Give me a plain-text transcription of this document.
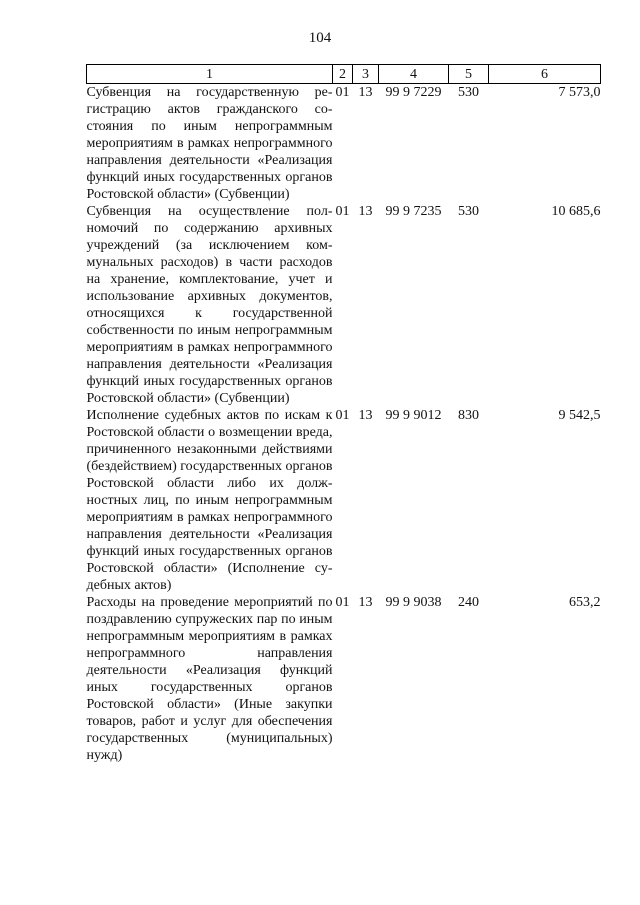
104
1	2	3	4	5	6
Субвенция на государственную регистрацию актов гражданского состояния по иным непрограммным мероприятиям в рамках непрограммного направления деятельности «Реализация функций иных государственных органов Ростовской области» (Субвенции)	01	13	99 9 7229	530	7 573,0
Субвенция на осуществление полномочий по содержанию архивных учреждений (за исключением коммунальных расходов) в части расходов на хранение, комплектование, учет и использование архивных документов, относящихся к государственной собственности по иным непрограммным мероприятиям в рамках непрограммного направления деятельности «Реализация функций иных государственных органов Ростовской области» (Субвенции)	01	13	99 9 7235	530	10 685,6
Исполнение судебных актов по искам к Ростовской области о возмещении вреда, причиненного незаконными действиями (бездействием) государственных органов Ростовской области либо их должностных лиц, по иным непрограммным мероприятиям в рамках непрограммного направления деятельности «Реализация функций иных государственных органов Ростовской области» (Исполнение судебных актов)	01	13	99 9 9012	830	9 542,5
Расходы на проведение мероприятий по поздравлению супружеских пар по иным непрограммным мероприятиям в рамках непрограммного направления деятельности «Реализация функций иных государственных органов Ростовской области» (Иные закупки товаров, работ и услуг для обеспечения государственных (муниципальных) нужд)	01	13	99 9 9038	240	653,2
